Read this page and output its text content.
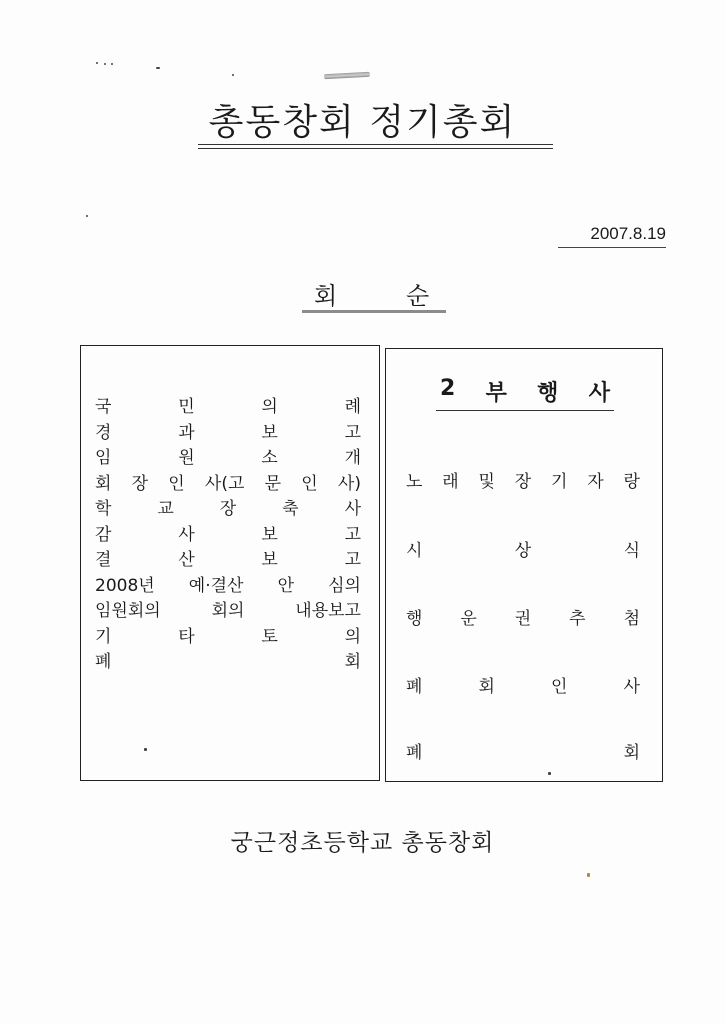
총동창회 정기총회
2007.8.19
회	순
국	민	의	례
경	과	보	고
임	원	소	개
회 장 인 사(고 문 인 사)
학	교	장	축	사
감	사	보	고
결	산	보	고
2008년 예·결산 안 심의
임원회의	회의	내용보고
기	타	토	의
폐	회
2 부 행 사
노 래 및 장 기 자 랑
시	상	식
행 운 권 추 첨
폐	회	인	사
폐	회
궁근정초등학교 총동창회
